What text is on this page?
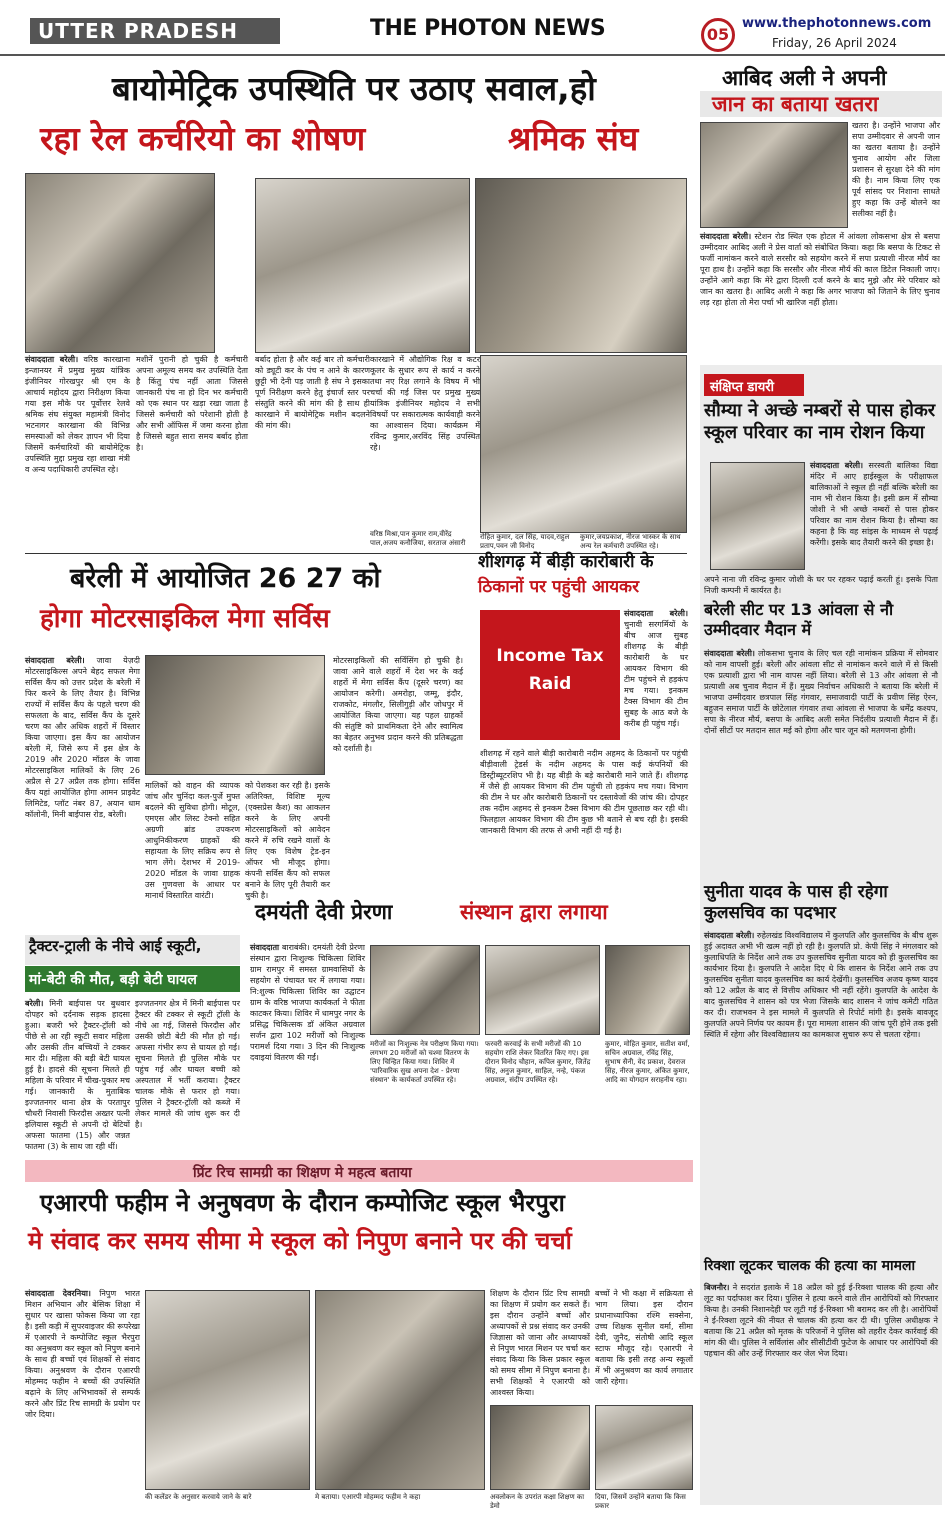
UTTER PRADESH	THE PHOTON NEWS	05
www.thephotonnews.com
Friday, 26 April 2024
बायोमेट्रिक उपस्थिति पर उठाए सवाल,हो
रहा रेल कर्चरियो का शोषण	श्रमिक संघ
संवाददाता बरेली। वरिष्ठ कारखाना इन्जानयर में प्रमुख मुख्य यांत्रिक इंजीनियर गोरखपुर श्री एम के आचार्य महोदय द्वारा निरीक्षण किया गया इस मौके पर पूर्वोत्तर रेलवे श्रमिक संघ संयुक्त महामंत्री विनोद भटनागर कारखाना की विभिन्न समस्याओं को लेकर ज्ञापन भी दिया जिसमें कर्मचारियों की बायोमेट्रिक उपस्थिति मुद्दा प्रमुख रहा शाखा मंत्री व अन्य पदाधिकारी उपस्थित रहे।
मशीनें पुरानी हो चुकी है कर्मचारी अपना अमूल्य समय कर उपस्थिति देता है किंतु पंच नहीं आता जिससे जानकारी पंच ना हो दिन भर कर्मचारी को एक स्थान पर खड़ा रखा जाता है जिससे कर्मचारी को परेशानी होती है और सभी ऑफिस में जमा करना होता है जिससे बहुत सारा समय बर्बाद होता है।
बर्बाद होता है और कई बार तो कर्मचारी को ड्यूटी कर के पंच न आने के कारण छुट्टी भी देनी पड़ जाती है संघ ने इसका पूर्ण निरीक्षण करने हेतु इंचार्ज स्तर पर संस्तुति करने की मांग की है साथ ही कारखाने में बायोमेट्रिक मशीन बदलने की मांग की।
कारखाने में औद्योगिक रिक्ष व कटर कूलर के सुधार रूप से कार्य न करने तथा नए रिक्ष लगाने के विषय में भी चर्चा की गई जिस पर प्रमुख मुख्य यांत्रिक इंजीनियर महोदय ने सभी विषयों पर सकारात्मक कार्यवाही करने का आश्वासन दिया। कार्यक्रम में रविन्द्र कुमार,अरविंद सिंह उपस्थित रहे।
वरिष्ठ मिश्रा,पान कुमार राम,वीरेंद्र पाल,अजय कनौजिया, सरताज अंसारी
रोहित कुमार, दल सिंह, यादव,राहुल प्रताप,पवन जी विनोद
कुमार,जयप्रकाश, नीरज भास्कर के साथ अन्य रेल कर्मचारी उपस्थित रहे।
आबिद अली ने अपनी
जान का बताया खतरा
खतरा है। उन्होंने भाजपा और सपा उम्मीदवार से अपनी जान का खतरा बताया है। उन्होंने चुनाव आयोग और जिला प्रशासन से सुरक्षा देने की मांग की है। नाम किया लिए एक पूर्व सांसद पर निशाना साधते हुए कहा कि उन्हें बोलने का सलीका नहीं है।
संवाददाता बरेली। स्टेशन रोड स्थित एक होटल में आंवला लोकसभा क्षेत्र से बसपा उम्मीदवार आबिद अली ने प्रेस वार्ता को संबोधित किया। कहा कि बसपा के टिकट से फर्जी नामांकन करने वाले सरसौर को सहयोग करने में सपा प्रत्याशी नीरज मौर्य का पूरा हाथ है। उन्होंने कहा कि सरसौर और नीरज मौर्य की काल डिटेल निकाली जाए। उन्होंने आगे कहा कि मेरे द्वारा दिल्ली दर्ज करने के बाद मुझे और मेरे परिवार को जान का खतरा है। आबिद अली ने कहा कि अगर भाजपा को जिताने के लिए चुनाव लड़ रहा होता तो मेरा पर्चा भी खारिज नहीं होता।
संक्षिप्त डायरी
सौम्या ने अच्छे नम्बरों से पास होकर स्कूल परिवार का नाम रोशन किया
संवाददाता बरेली। सरस्वती बालिका विद्या मंदिर में आए हाईस्कूल के परीक्षाफल बालिकाओं ने स्कूल ही नहीं बल्कि बरेली का नाम भी रोशन किया है। इसी क्रम में सौम्या जोशी ने भी अच्छे नम्बरों से पास होकर परिवार का नाम रोशन किया है। सौम्या का कहना है कि वह सांइस के माध्यम से पढ़ाई करेंगी। इसके बाद तैयारी करने की इच्छा है।
अपने नाना जी रविन्द्र कुमार जोशी के घर पर रहकर पढ़ाई करती हूं। इसके पिता निजी कम्पनी में कार्यरत है।
बरेली सीट पर 13 आंवला से नौ उम्मीदवार मैदान में
संवाददाता बरेली। लोकसभा चुनाव के लिए चल रही नामांकन प्रक्रिया में सोमवार को नाम वापसी हुई। बरेली और आंवला सीट से नामांकन करने वाले में से किसी एक प्रत्याशी द्वारा भी नाम वापस नहीं लिया। बरेली से 13 और आंवला से नौ प्रत्याशी अब चुनाव मैदान में हैं। मुख्य निर्वाचन अधिकारी ने बताया कि बरेली में भाजपा उम्मीदवार छत्रपाल सिंह गंगवार, समाजवादी पार्टी के प्रवीण सिंह ऐरन, बहुजन समाज पार्टी के छोटेलाल गंगवार तथा आंवला से भाजपा के धर्मेंद्र कश्यप, सपा के नीरज मौर्य, बसपा के आबिद अली समेत निर्दलीय प्रत्याशी मैदान में हैं। दोनों सीटों पर मतदान सात मई को होगा और चार जून को मतगणना होगी।
सुनीता यादव के पास ही रहेगा कुलसचिव का पदभार
संवाददाता बरेली। रुहेलखंड विश्वविद्यालय में कुलपति और कुलसचिव के बीच शुरू हुई अदावत अभी भी खत्म नहीं हो रही है। कुलपति प्रो. केपी सिंह ने मंगलवार को कुलाधिपति के निर्देश आने तक उप कुलसचिव सुनीता यादव को ही कुलसचिव का कार्यभार दिया है। कुलपति ने आदेश दिए थे कि शासन के निर्देश आने तक उप कुलसचिव सुनीता यादव कुलसचिव का कार्य देखेंगी। कुलसचिव अजय कृष्ण यादव को 12 अप्रैल के बाद से वित्तीय अधिकार भी नहीं रहेंगे। कुलपति के आदेश के बाद कुलसचिव ने शासन को पत्र भेजा जिसके बाद शासन ने जांच कमेटी गठित कर दी। राजभवन ने इस मामले में कुलपति से रिपोर्ट मांगी है। इसके बावजूद कुलपति अपने निर्णय पर कायम हैं। पूरा मामला शासन की जांच पूरी होने तक इसी स्थिति में रहेगा और विश्वविद्यालय का कामकाज सुचारु रूप से चलता रहेगा।
रिक्शा लूटकर चालक की हत्या का मामला
बिजनौर। ने सदरांत इलाके में 18 अप्रैल को हुई ई-रिक्शा चालक की हत्या और लूट का पर्दाफाश कर दिया। पुलिस ने हत्या करने वाले तीन आरोपियों को गिरफ्तार किया है। उनकी निशानदेही पर लूटी गई ई-रिक्शा भी बरामद कर ली है। आरोपियों ने ई-रिक्शा लूटने की नीयत से चालक की हत्या कर दी थी। पुलिस अधीक्षक ने बताया कि 21 अप्रैल को मृतक के परिजनों ने पुलिस को तहरीर देकर कार्रवाई की मांग की थी। पुलिस ने सर्विलांस और सीसीटीवी फुटेज के आधार पर आरोपियों की पहचान की और उन्हें गिरफ्तार कर जेल भेज दिया।
बरेली में आयोजित 26 27 को
होगा मोटरसाइकिल मेगा सर्विस
संवाददाता बरेली। जावा येज़दी मोटरसाइकिल्स अपने बेहद सफल मेगा सर्विस कैंप को उत्तर प्रदेश के बरेली में फिर करने के लिए तैयार है। विभिन्न राज्यों में सर्विस कैंप के पहले चरण की सफलता के बाद, सर्विस कैंप के दूसरे चरण का और अधिक शहरों में विस्तार किया जाएगा। इस कैंप का आयोजन बरेली में, जिसे रूप में इस क्षेत्र के 2019 और 2020 मॉडल के जावा मोटरसाइकिल मालिकों के लिए 26 अप्रैल से 27 अप्रैल तक होगा। सर्विस कैंप यहां आयोजित होगा आमन प्राइवेट लिमिटेड, प्लॉट नंबर 87, अयान धाम कॉलोनी, मिनी बाईपास रोड, बरेली।
मालिकों को वाहन की व्यापक जांच और चुनिंदा कल-पुर्जे मुफ्त बदलने की सुविधा होगी। मोटूल, एमएस और लिस्ट टेक्नो सहित अग्रणी ब्रांड उपकरण आधुनिकीकरण ग्राहकों की सहायता के लिए सक्रिय रूप से भाग लेंगे। देशभर में 2019-2020 मॉडल के जावा ग्राहक उस गुणवत्ता के आधार पर मानार्थ विस्तारित वारंटी।
को पेशकश कर रही है। इसके अतिरिक्त, विशिष्ट मूल्य (एक्सप्रेस कैश) का आकलन करने के लिए अपनी मोटरसाइकिलों को आवेदन करने में रुचि रखने वालों के लिए एक विशेष ट्रेड-इन ऑफर भी मौजूद होगा। कंपनी सर्विस कैंप को सफल बनाने के लिए पूरी तैयारी कर चुकी है।
मोटरसाइकिलों की सर्विसिंग हो चुकी है। जावा आने वाले शहरों में देश भर के कई शहरों में मेगा सर्विस कैंप (दूसरे चरण) का आयोजन करेगी। अमरोहा, जम्मू, इंदौर, राजकोट, मंगलौर, सिलीगुड़ी और जोधपुर में आयोजित किया जाएगा। यह पहल ग्राहकों की संतुष्टि को प्राथमिकता देने और स्वामित्व का बेहतर अनुभव प्रदान करने की प्रतिबद्धता को दर्शाती है।
शीशगढ़ में बीड़ी कारोबारी के
ठिकानों पर पहुंची आयकर
Income Tax
Raid
संवाददाता बरेली। चुनावी सरगर्मियों के बीच आज सुबह शीशगढ़ के बीड़ी कारोबारी के घर आयकर विभाग की टीम पहुंचने से हड़कंप मच गया। इनकम टैक्स विभाग की टीम सुबह के आठ बजे के करीब ही पहुंच गई।
शीशगढ़ में रहने वाले बीड़ी कारोबारी नदीम अहमद के ठिकानों पर पहुंची बीड़ीवाली ट्रेडर्स के नदीम अहमद के पास कई कंपनियों की डिस्ट्रीब्यूटरशिप भी है। यह बीड़ी के बड़े कारोबारी माने जाते हैं। शीशगढ़ में जैसे ही आयकर विभाग की टीम पहुंची तो हड़कंप मच गया। विभाग की टीम ने घर और कारोबारी ठिकानों पर दस्तावेजों की जांच की। दोपहर तक नदीम अहमद से इनकम टैक्स विभाग की टीम पूछताछ कर रही थी। फिलहाल आयकर विभाग की टीम कुछ भी बताने से बच रही है। इसकी जानकारी विभाग की तरफ से अभी नहीं दी गई है।
ट्रैक्टर-ट्राली के नीचे आई स्कूटी,
मां-बेटी की मौत, बड़ी बेटी घायल
बरेली। मिनी बाईपास पर बुधवार दोपहर को दर्दनाक सड़क हादसा हुआ। बजरी भरे ट्रैक्टर-ट्रॉली को पीछे से आ रही स्कूटी सवार महिला और उसकी तीन बच्चियों ने टक्कर मार दी। महिला की बड़ी बेटी घायल हुई है। हादसे की सूचना मिलते ही महिला के परिवार में चीख-पुकार मच गई। जानकारी के मुताबिक इज्जतनगर थाना क्षेत्र के परतापुर चौधरी निवासी फिरदौस अख्तर पत्नी इलियास स्कूटी से अपनी दो बेटियों अफसा फातमा (15) और जन्नत फातमा (3) के साथ जा रही थीं।
इज्जतनगर क्षेत्र में मिनी बाईपास पर ट्रैक्टर की टक्कर से स्कूटी ट्रॉली के नीचे आ गई, जिससे फिरदौस और उसकी छोटी बेटी की मौत हो गई। अफसा गंभीर रूप से घायल हो गई। सूचना मिलते ही पुलिस मौके पर पहुंच गई और घायल बच्ची को अस्पताल में भर्ती कराया। ट्रैक्टर चालक मौके से फरार हो गया। पुलिस ने ट्रैक्टर-ट्रॉली को कब्जे में लेकर मामले की जांच शुरू कर दी है।
दमयंती देवी प्रेरणा	संस्थान द्वारा लगाया
संवाददाता बाराबंकी। दमयंती देवी प्रेरणा संस्थान द्वारा निःशुल्क चिकित्सा शिविर ग्राम रामपुर में समस्त ग्रामवासियों के सहयोग से पंचायत घर में लगाया गया। नि:शुल्क चिकित्सा शिविर का उद्घाटन ग्राम के वरिष्ठ भाजपा कार्यकर्ता ने फीता काटकर किया। शिविर में धामपुर नगर के प्रसिद्ध चिकित्सक डॉ अंकित अग्रवाल सर्जन द्वारा 102 मरीजों को निःशुल्क परामर्श दिया गया। 3 दिन की निःशुल्क दवाइयां वितरण की गईं।
मरीजों का निःशुल्क नेत्र परीक्षण किया गया। लगभग 20 मरीजों को चश्मा वितरण के लिए चिन्हित किया गया। शिविर में 'पारिवारिक सुख अपना देश - प्रेरणा संस्थान' के कार्यकर्ता उपस्थित रहे।
फरवरी करवाई के सभी मरीजों की 10 सहयोग राशि लेकर वितरित किए गए। इस दौरान विनोद चौहान, कपिल कुमार, जितेंद्र सिंह, अनुज कुमार, साहिल, नन्हे, पंकज अग्रवाल, संदीप उपस्थित रहे।
कुमार, मोहित कुमार, सतीश वर्मा, सचिन अग्रवाल, रविंद्र सिंह, सुभाष सैनी, वेद प्रकाश, देवराज सिंह, नीरज कुमार, अंकित कुमार, आदि का योगदान सराहनीय रहा।
प्रिंट रिच सामग्री का शिक्षण मे महत्व बताया
एआरपी फहीम ने अनुषवण के दौरान कम्पोजिट स्कूल भैरपुरा
मे संवाद कर समय सीमा मे स्कूल को निपुण बनाने पर की चर्चा
संवाददाता देवरनिया। निपुण भारत मिशन अभियान और बेसिक शिक्षा में सुधार पर खासा फोकस किया जा रहा है। इसी कड़ी में सुपरवाइजर की रूपरेखा में एआरपी ने कम्पोजिट स्कूल भैरपुरा का अनुश्रवण कर स्कूल को निपुण बनाने के साथ ही बच्चों एवं शिक्षकों से संवाद किया। अनुश्रवण के दौरान एआरपी मोहम्मद फहीम ने बच्चों की उपस्थिति बढ़ाने के लिए अभिभावकों से सम्पर्क करने और प्रिंट रिच सामग्री के प्रयोग पर जोर दिया।
की कलेंडर के अनुसार करवाये जाने के बारे	मे बताया। एआरपी मोहम्मद फहीम ने कहा
शिक्षण के दौरान प्रिंट रिच सामग्री का शिक्षण में प्रयोग कर सकते हैं। इस दौरान उन्होंने बच्चों और अध्यापकों से प्रश्न संवाद कर उनकी जिज्ञासा को जाना और अध्यापकों से निपुण भारत मिशन पर चर्चा कर संवाद किया कि किस प्रकार स्कूल को समय सीमा में निपुण बनाना है। सभी शिक्षकों ने एआरपी को आश्वस्त किया।
बच्चों ने भी कक्षा में सक्रियता से भाग लिया। इस दौरान प्रधानाध्यापिका रश्मि सक्सेना, उच्च शिक्षक सुनील वर्मा, सीमा देवी, जुनैद, संतोषी आदि स्कूल स्टाफ मौजूद रहे। एआरपी ने बताया कि इसी तरह अन्य स्कूलों में भी अनुश्रवण का कार्य लगातार जारी रहेगा।
अवलोकन के उपरांत कक्षा शिक्षण का डेमो
दिया, जिसमें उन्होंने बताया कि किस प्रकार
